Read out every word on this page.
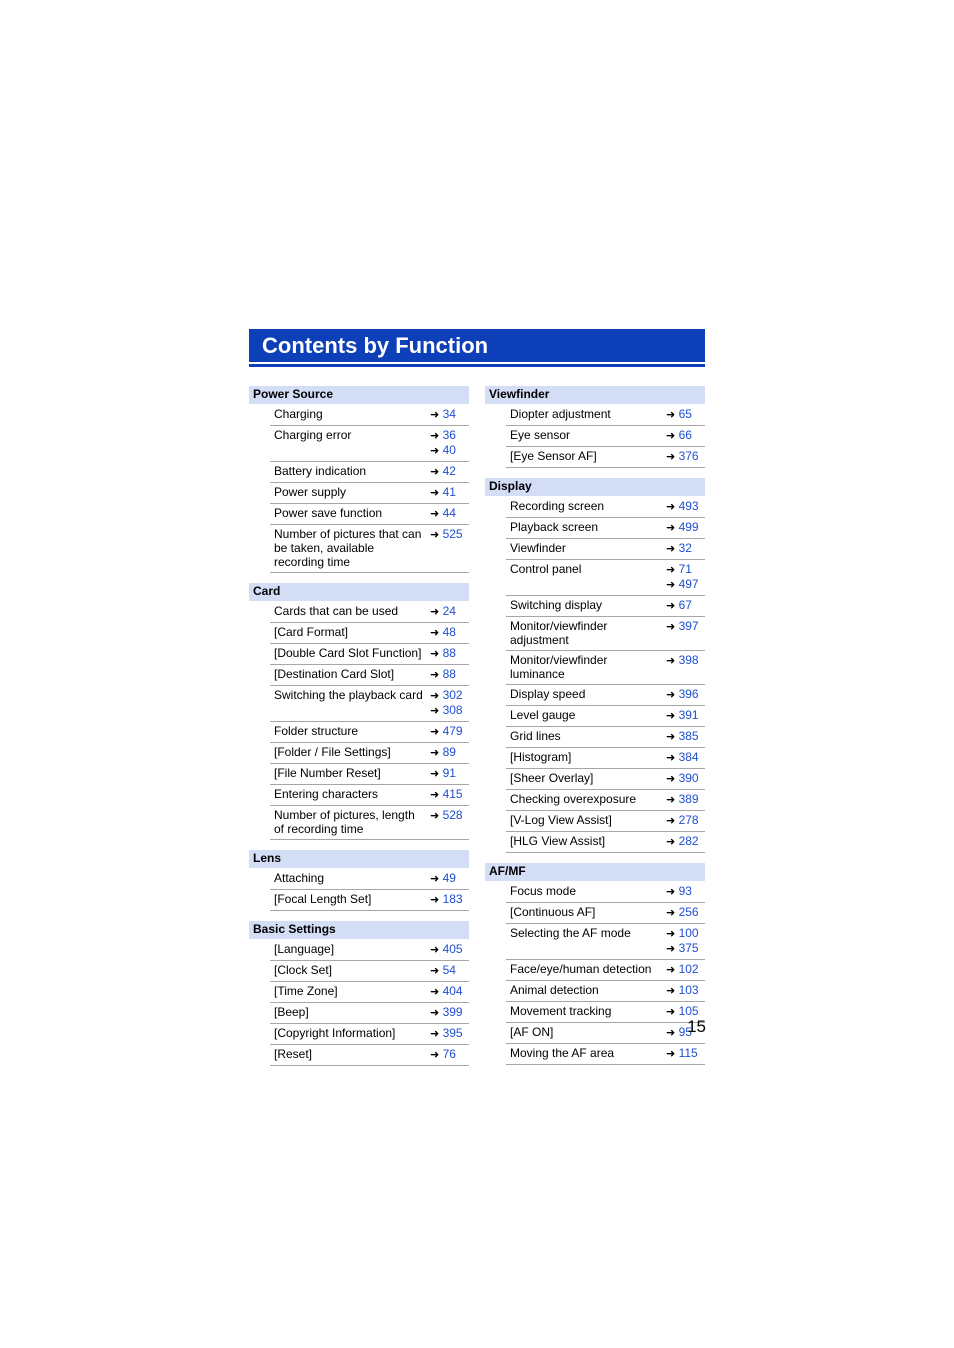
Contents by Function
Power Source
Charging	➜ 34
Charging error	➜ 36
➜ 40
Battery indication	➜ 42
Power supply	➜ 41
Power save function	➜ 44
Number of pictures that can be taken, available recording time
➜ 525
Card
Cards that can be used	➜ 24
[Card Format]	➜ 48
[Double Card Slot Function] ➜ 88
[Destination Card Slot]	➜ 88
Switching the playback card ➜ 302
➜ 308
Folder structure	➜ 479
[Folder / File Settings]	➜ 89
[File Number Reset]	➜ 91
Entering characters	➜ 415
Number of pictures, length of recording time
➜ 528
Lens
Attaching	➜ 49
[Focal Length Set]	➜ 183
Basic Settings
[Language]	➜ 405
[Clock Set]	➜ 54
[Time Zone]	➜ 404
[Beep]	➜ 399
[Copyright Information]	➜ 395
[Reset]	➜ 76
Viewfinder
Diopter adjustment	➜ 65
Eye sensor	➜ 66
[Eye Sensor AF]	➜ 376
Display
Recording screen	➜ 493
Playback screen	➜ 499
Viewfinder	➜ 32
Control panel	➜ 71
➜ 497
Switching display	➜ 67
Monitor/viewfinder adjustment
➜ 397
Monitor/viewfinder luminance
➜ 398
Display speed	➜ 396
Level gauge	➜ 391
Grid lines	➜ 385
[Histogram]	➜ 384
[Sheer Overlay]	➜ 390
Checking overexposure	➜ 389
[V-Log View Assist]	➜ 278
[HLG View Assist]	➜ 282
AF/MF
Focus mode	➜ 93
[Continuous AF]	➜ 256
Selecting the AF mode	➜ 100
➜ 375
Face/eye/human detection	➜ 102
Animal detection	➜ 103
Movement tracking	➜ 105
[AF ON]	➜ 95
Moving the AF area	➜ 115
15
